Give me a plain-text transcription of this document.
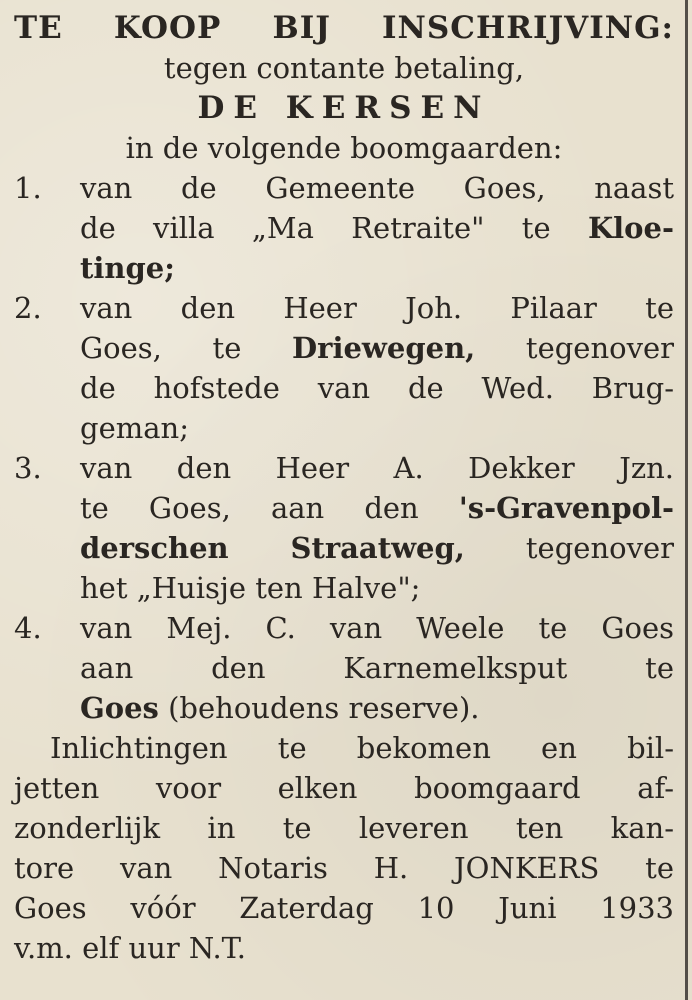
TE KOOP BIJ INSCHRIJVING:
tegen contante betaling,
DE KERSEN
in de volgende boomgaarden:
1.	van de Gemeente Goes, naast
de villa „Ma Retraite" te Kloe-
tinge;
2.	van den Heer Joh. Pilaar te
Goes, te Driewegen, tegenover
de hofstede van de Wed. Brug-
geman;
3.	van den Heer A. Dekker Jzn.
te Goes, aan den 's-Gravenpol-
derschen Straatweg, tegenover
het „Huisje ten Halve";
4.	van Mej. C. van Weele te Goes
aan den Karnemelksput te
Goes (behoudens reserve).
Inlichtingen te bekomen en bil-
jetten voor elken boomgaard af-
zonderlijk in te leveren ten kan-
tore van Notaris H. JONKERS te
Goes vóór Zaterdag 10 Juni 1933
v.m. elf uur N.T.
